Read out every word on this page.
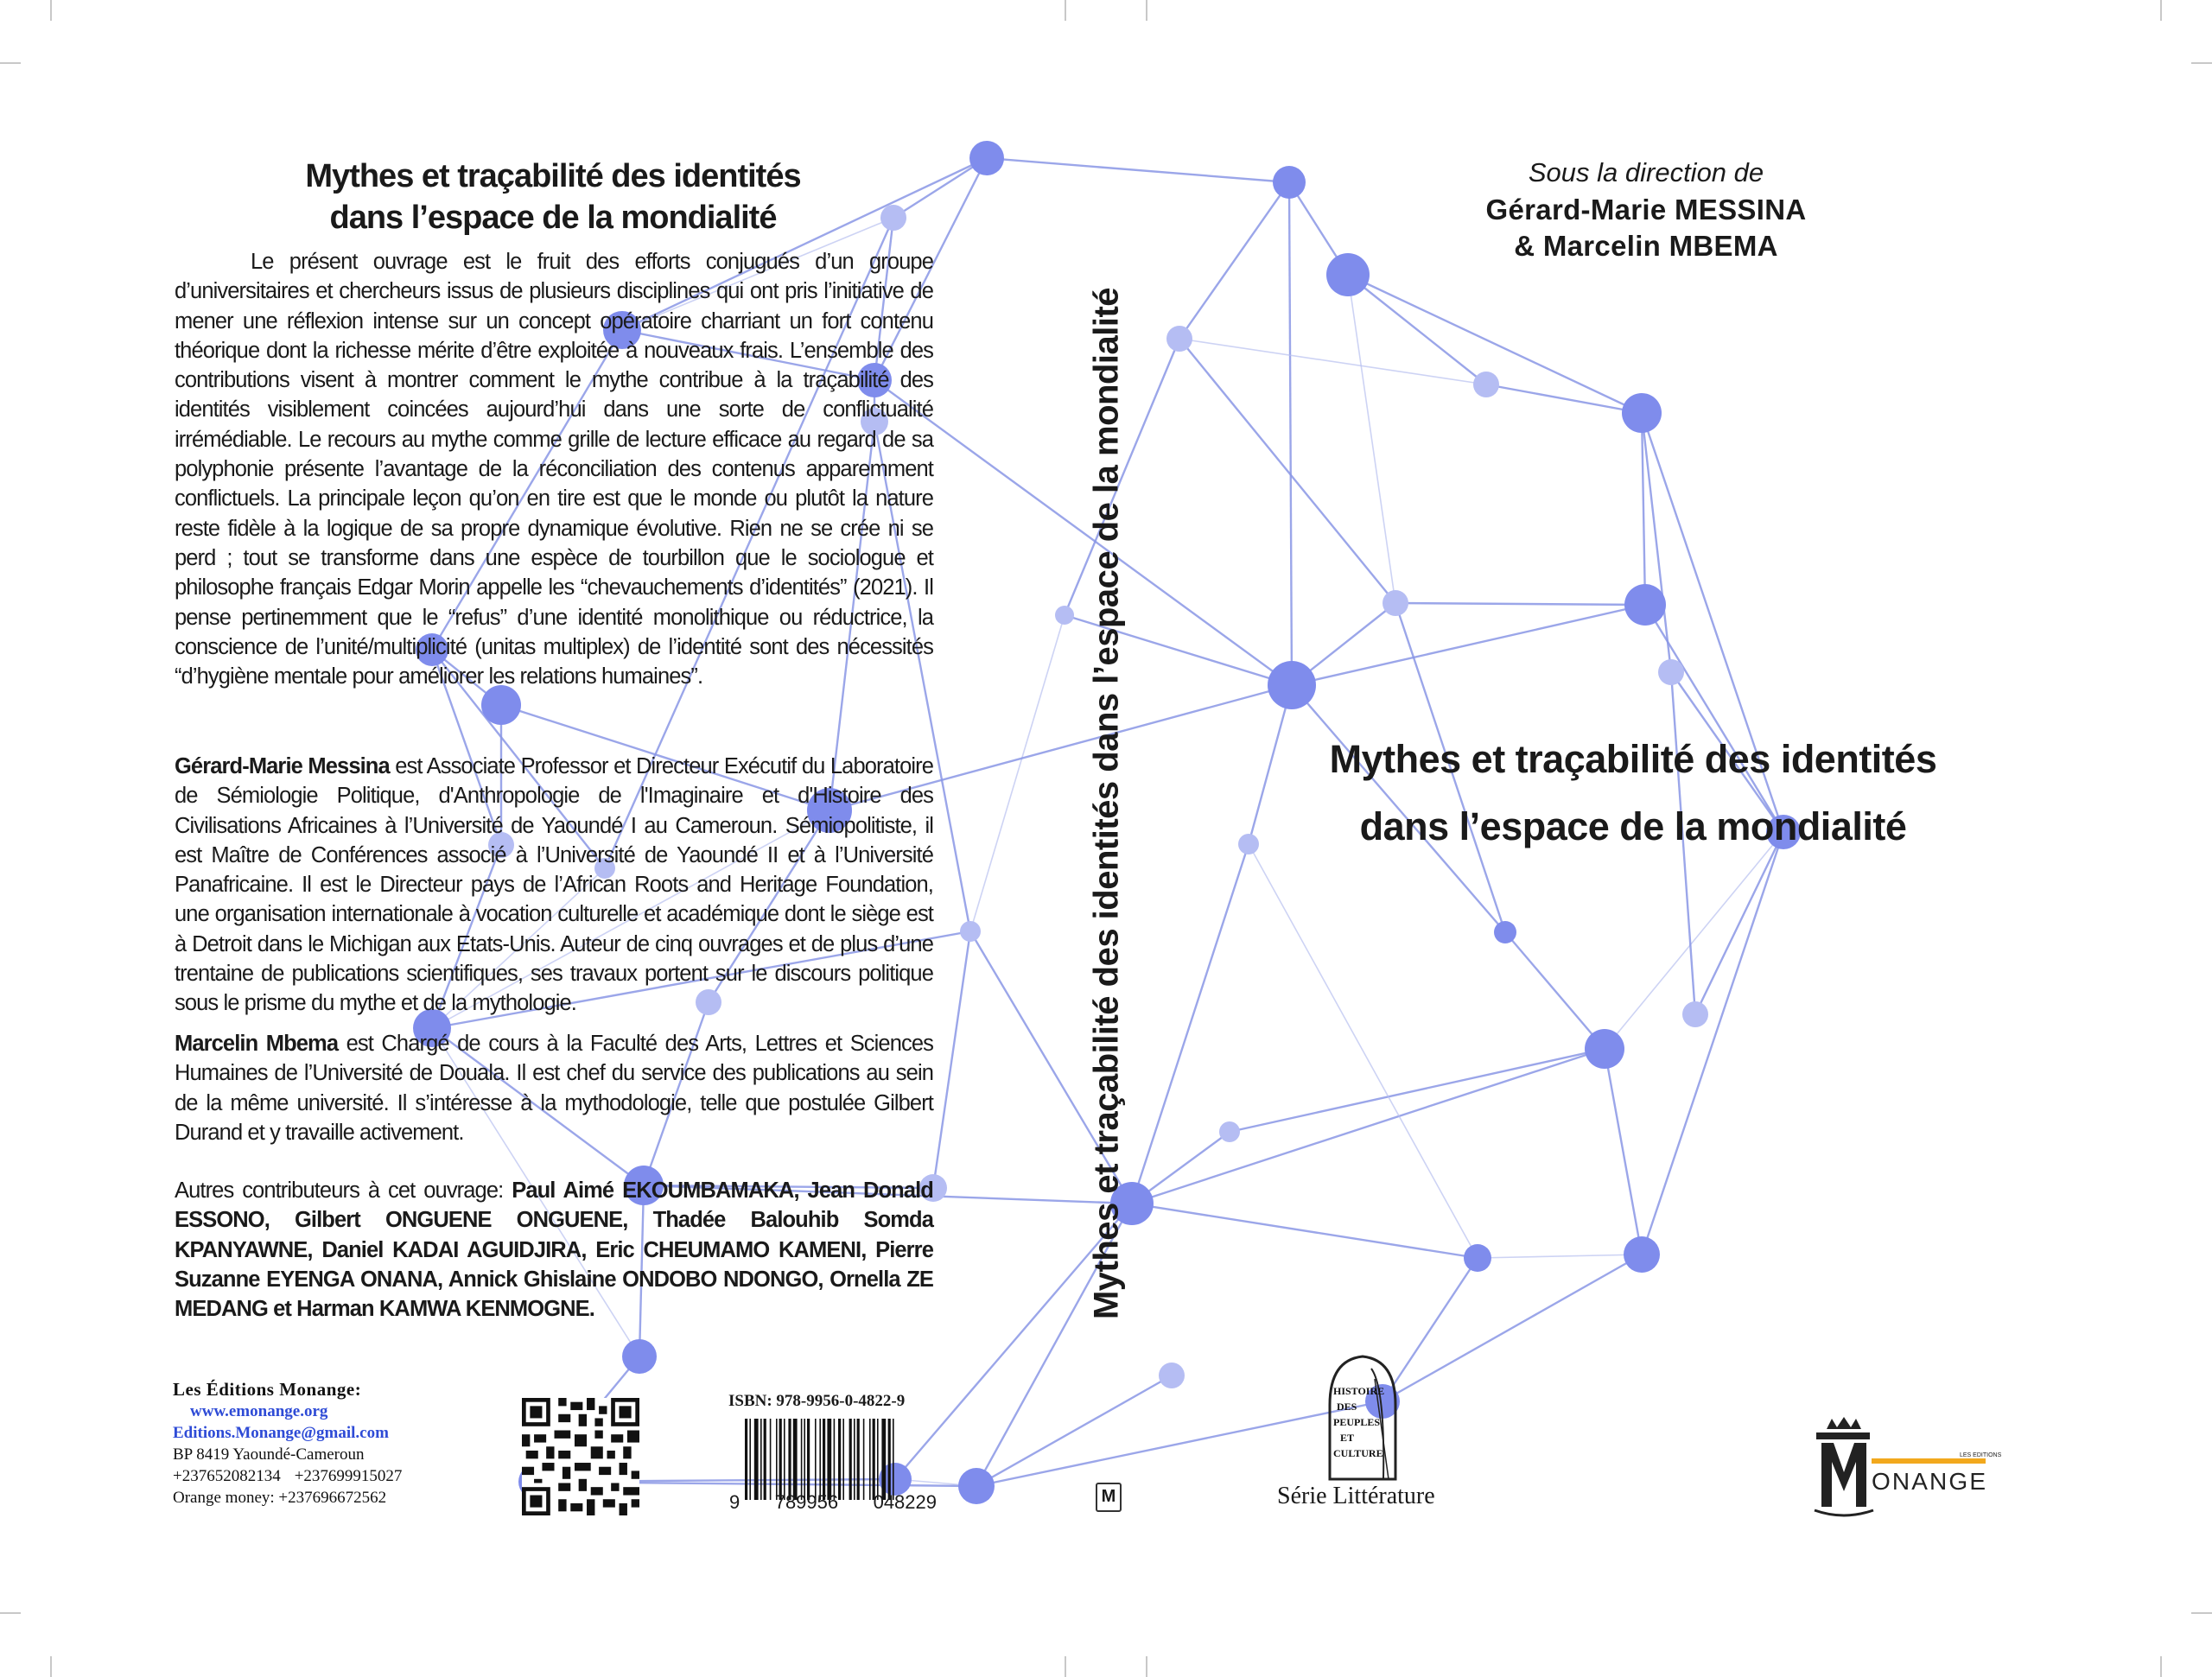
Mythes et traçabilité des identités
dans l’espace de la mondialité

Le présent ouvrage est le fruit des efforts conjugués d’un groupe d’universitaires et chercheurs issus de plusieurs disciplines qui ont pris l’initiative de mener une réflexion intense sur un concept opératoire charriant un fort contenu théorique dont la richesse mérite d’être exploitée à nouveaux frais. L’ensemble des contributions visent à montrer comment le mythe contribue à la traçabilité des identités visiblement coincées aujourd’hui dans une sorte de conflictualité irrémédiable. Le recours au mythe comme grille de lecture efficace au regard de sa polyphonie présente l’avantage de la réconciliation des contenus apparemment conflictuels. La principale leçon qu’on en tire est que le monde ou plutôt la nature reste fidèle à la logique de sa propre dynamique évolutive. Rien ne se crée ni se perd ; tout se transforme dans une espèce de tourbillon que le sociologue et philosophe français Edgar Morin appelle les “chevauchements d’identités” (2021). Il pense pertinemment que le “refus” d’une identité monolithique ou réductrice, la conscience de l’unité/multiplicité (unitas multiplex) de l’identité sont des nécessités “d’hygiène mentale pour améliorer les relations humaines”.

Gérard-Marie Messina est Associate Professor et Directeur Exécutif du Laboratoire de Sémiologie Politique, d'Anthropologie de l'Imaginaire et d'Histoire des Civilisations Africaines à l’Université de Yaoundé I au Cameroun. Sémiopolitiste, il est Maître de Conférences associé à l’Université de Yaoundé II et à l’Université Panafricaine. Il est le Directeur pays de l’African Roots and Heritage Foundation, une organisation internationale à vocation culturelle et académique dont le siège est à Detroit dans le Michigan aux Etats-Unis. Auteur de cinq ouvrages et de plus d’une trentaine de publications scientifiques, ses travaux portent sur le discours politique sous le prisme du mythe et de la mythologie.

Marcelin Mbema est Chargé de cours à la Faculté des Arts, Lettres et Sciences Humaines de l’Université de Douala. Il est chef du service des publications au sein de la même université. Il s’intéresse à la mythodologie, telle que postulée Gilbert Durand et y travaille activement.

Autres contributeurs à cet ouvrage: Paul Aimé EKOUMBAMAKA, Jean Donald ESSONO, Gilbert ONGUENE ONGUENE, Thadée Balouhib Somda KPANYAWNE, Daniel KADAI AGUIDJIRA, Eric CHEUMAMO KAMENI, Pierre Suzanne EYENGA ONANA, Annick Ghislaine ONDOBO NDONGO, Ornella ZE MEDANG et Harman KAMWA KENMOGNE.

Les Éditions Monange:
www.emonange.org
Editions.Monange@gmail.com
BP 8419 Yaoundé-Cameroun
+237652082134 +237699915027
Orange money: +237696672562
ISBN: 978-9956-0-4822-9
9 789956 048229
Mythes et traçabilité des identités dans l’espace de la mondialité
M
Sous la direction de
Gérard-Marie MESSINA
& Marcelin MBEMA
Mythes et traçabilité des identités
dans l’espace de la mondialité
HISTOIRE
DES
PEUPLES
ET
CULTURE
Série Littérature
LES EDITIONS
ONANGE
